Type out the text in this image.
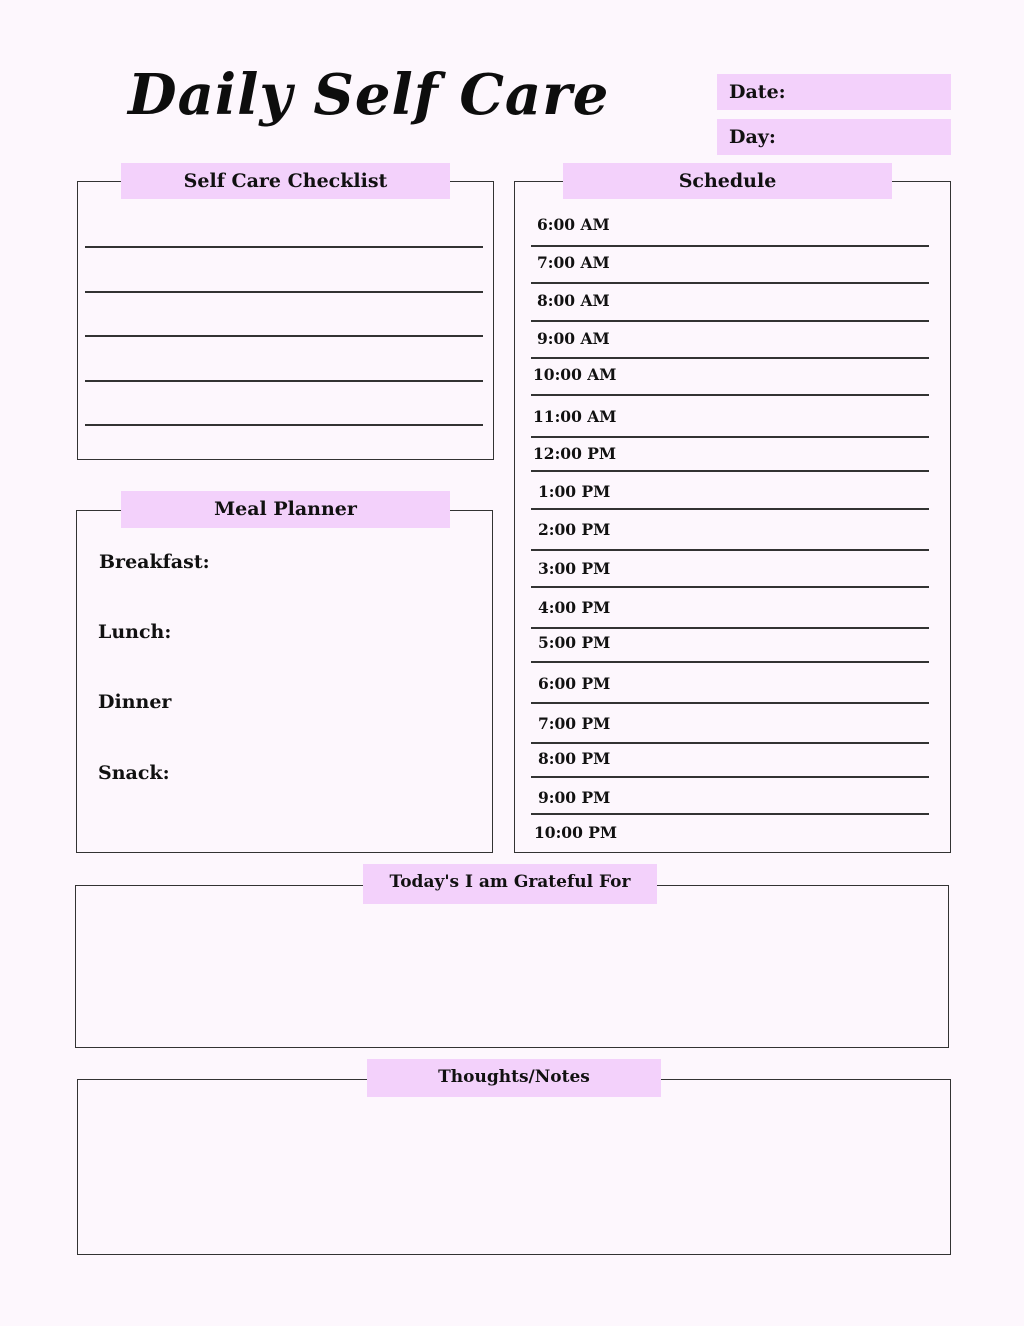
Daily Self Care	Date:
Day:
Self Care Checklist
Meal Planner
Breakfast:
Lunch:
Dinner
Snack:
Schedule
6:00 AM
7:00 AM
8:00 AM
9:00 AM
10:00 AM
11:00 AM
12:00 PM
1:00 PM
2:00 PM
3:00 PM
4:00 PM
5:00 PM
6:00 PM
7:00 PM
8:00 PM
9:00 PM
10:00 PM
Today's I am Grateful For
Thoughts/Notes
